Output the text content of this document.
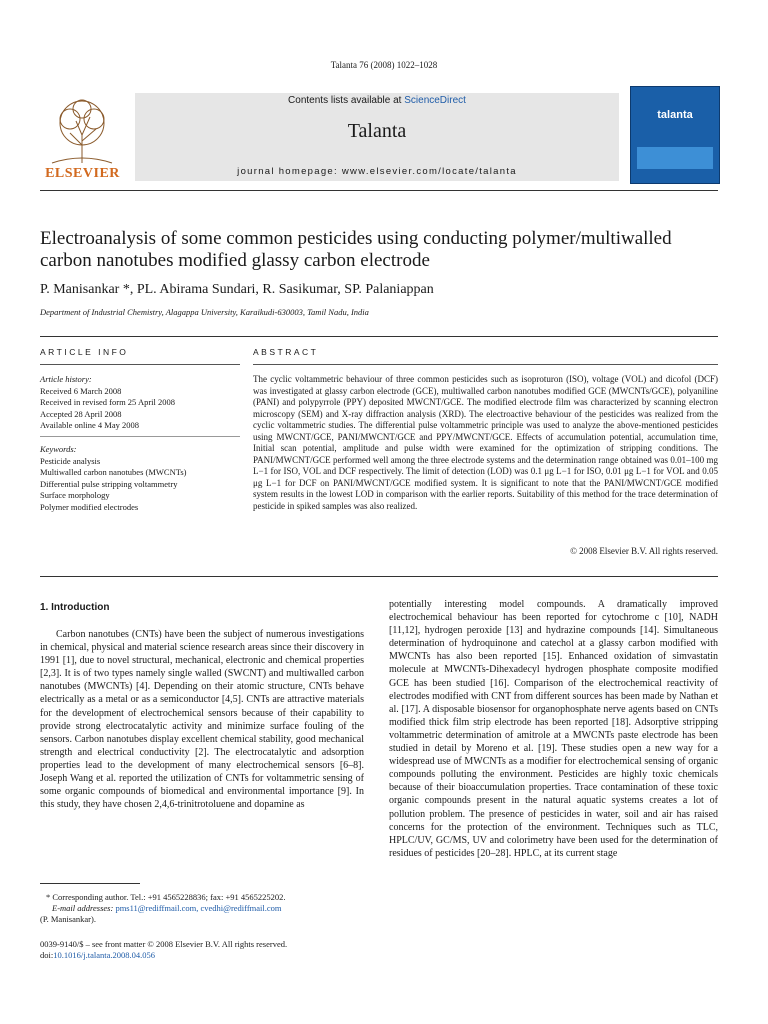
Talanta 76 (2008) 1022–1028
ELSEVIER
Contents lists available at ScienceDirect
Talanta
journal homepage: www.elsevier.com/locate/talanta
talanta
Electroanalysis of some common pesticides using conducting polymer/multiwalled carbon nanotubes modified glassy carbon electrode
P. Manisankar *, PL. Abirama Sundari, R. Sasikumar, SP. Palaniappan
Department of Industrial Chemistry, Alagappa University, Karaikudi-630003, Tamil Nadu, India
ARTICLE INFO	ABSTRACT
Article history:
Received 6 March 2008
Received in revised form 25 April 2008
Accepted 28 April 2008
Available online 4 May 2008
Keywords:
Pesticide analysis
Multiwalled carbon nanotubes (MWCNTs)
Differential pulse stripping voltammetry
Surface morphology
Polymer modified electrodes
The cyclic voltammetric behaviour of three common pesticides such as isoproturon (ISO), voltage (VOL) and dicofol (DCF) was investigated at glassy carbon electrode (GCE), multiwalled carbon nanotubes modified GCE (MWCNTs/GCE), polyaniline (PANI) and polypyrrole (PPY) deposited MWCNT/GCE. The modified electrode film was characterized by scanning electron microscopy (SEM) and X-ray diffraction analysis (XRD). The electroactive behaviour of the pesticides was realized from the cyclic voltammetric studies. The differential pulse voltammetric principle was used to analyze the above-mentioned pesticides using MWCNT/GCE, PANI/MWCNT/GCE and PPY/MWCNT/GCE. Effects of accumulation potential, accumulation time, Initial scan potential, amplitude and pulse width were examined for the optimization of stripping conditions. The PANI/MWCNT/GCE performed well among the three electrode systems and the determination range obtained was 0.01–100 mg L−1 for ISO, VOL and DCF respectively. The limit of detection (LOD) was 0.1 μg L−1 for ISO, 0.01 μg L−1 for VOL and 0.05 μg L−1 for DCF on PANI/MWCNT/GCE modified system. It is significant to note that the PANI/MWCNT/GCE modified system results in the lowest LOD in comparison with the earlier reports. Suitability of this method for the trace determination of pesticide in spiked samples was also realized.
© 2008 Elsevier B.V. All rights reserved.
1. Introduction

Carbon nanotubes (CNTs) have been the subject of numerous investigations in chemical, physical and material science research areas since their discovery in 1991 [1], due to novel structural, mechanical, electronic and chemical properties [2,3]. It is of two types namely single walled (SWCNT) and multiwalled carbon nanotubes (MWCNTs) [4]. Depending on their atomic structure, CNTs behave electrically as a metal or as a semiconductor [4,5]. CNTs are attractive materials for the development of electrochemical sensors because of their capability to provide strong electrocatalytic activity and minimize surface fouling of the sensors. Carbon nanotubes display excellent chemical stability, good mechanical strength and electrical conductivity [2]. The electrocatalytic and adsorption properties lead to the development of many electrochemical sensors [6–8]. Joseph Wang et al. reported the utilization of CNTs for voltammetric sensing of some organic compounds of biomedical and environmental importance [9]. In this study, they have chosen 2,4,6-trinitrotoluene and dopamine as

potentially interesting model compounds. A dramatically improved electrochemical behaviour has been reported for cytochrome c [10], NADH [11,12], hydrogen peroxide [13] and hydrazine compounds [14]. Simultaneous determination of hydroquinone and catechol at a glassy carbon modified with MWCNTs has also been reported [15]. Enhanced oxidation of simvastatin molecule at MWCNTs-Dihexadecyl hydrogen phosphate composite modified GCE has been studied [16]. Comparison of the electrochemical reactivity of electrodes modified with CNT from different sources has been made by Nathan et al. [17]. A disposable biosensor for organophosphate nerve agents based on CNTs modified thick film strip electrode has been reported [18]. Adsorptive stripping voltammetric determination of amitrole at a MWCNTs paste electrode has been studied in detail by Moreno et al. [19]. These studies open a new way for a widespread use of MWCNTs as a modifier for electrochemical sensing of organic compounds polluting the environment. Pesticides are highly toxic chemicals because of their bioaccumulation properties. Trace contamination of these toxic organic compounds present in the natural aquatic systems creates a lot of pollution problem. The presence of pesticides in water, soil and air has raised concerns for the protection of the environment. Techniques such as TLC, HPLC/UV, GC/MS, UV and colorimetry have been used for the determination of residues of pesticides [20–28]. HPLC, at its current stage

* Corresponding author. Tel.: +91 4565228836; fax: +91 4565225202.
E-mail addresses: pms11@rediffmail.com, cvedhi@rediffmail.com
(P. Manisankar).
0039-9140/$ – see front matter © 2008 Elsevier B.V. All rights reserved.
doi:10.1016/j.talanta.2008.04.056
